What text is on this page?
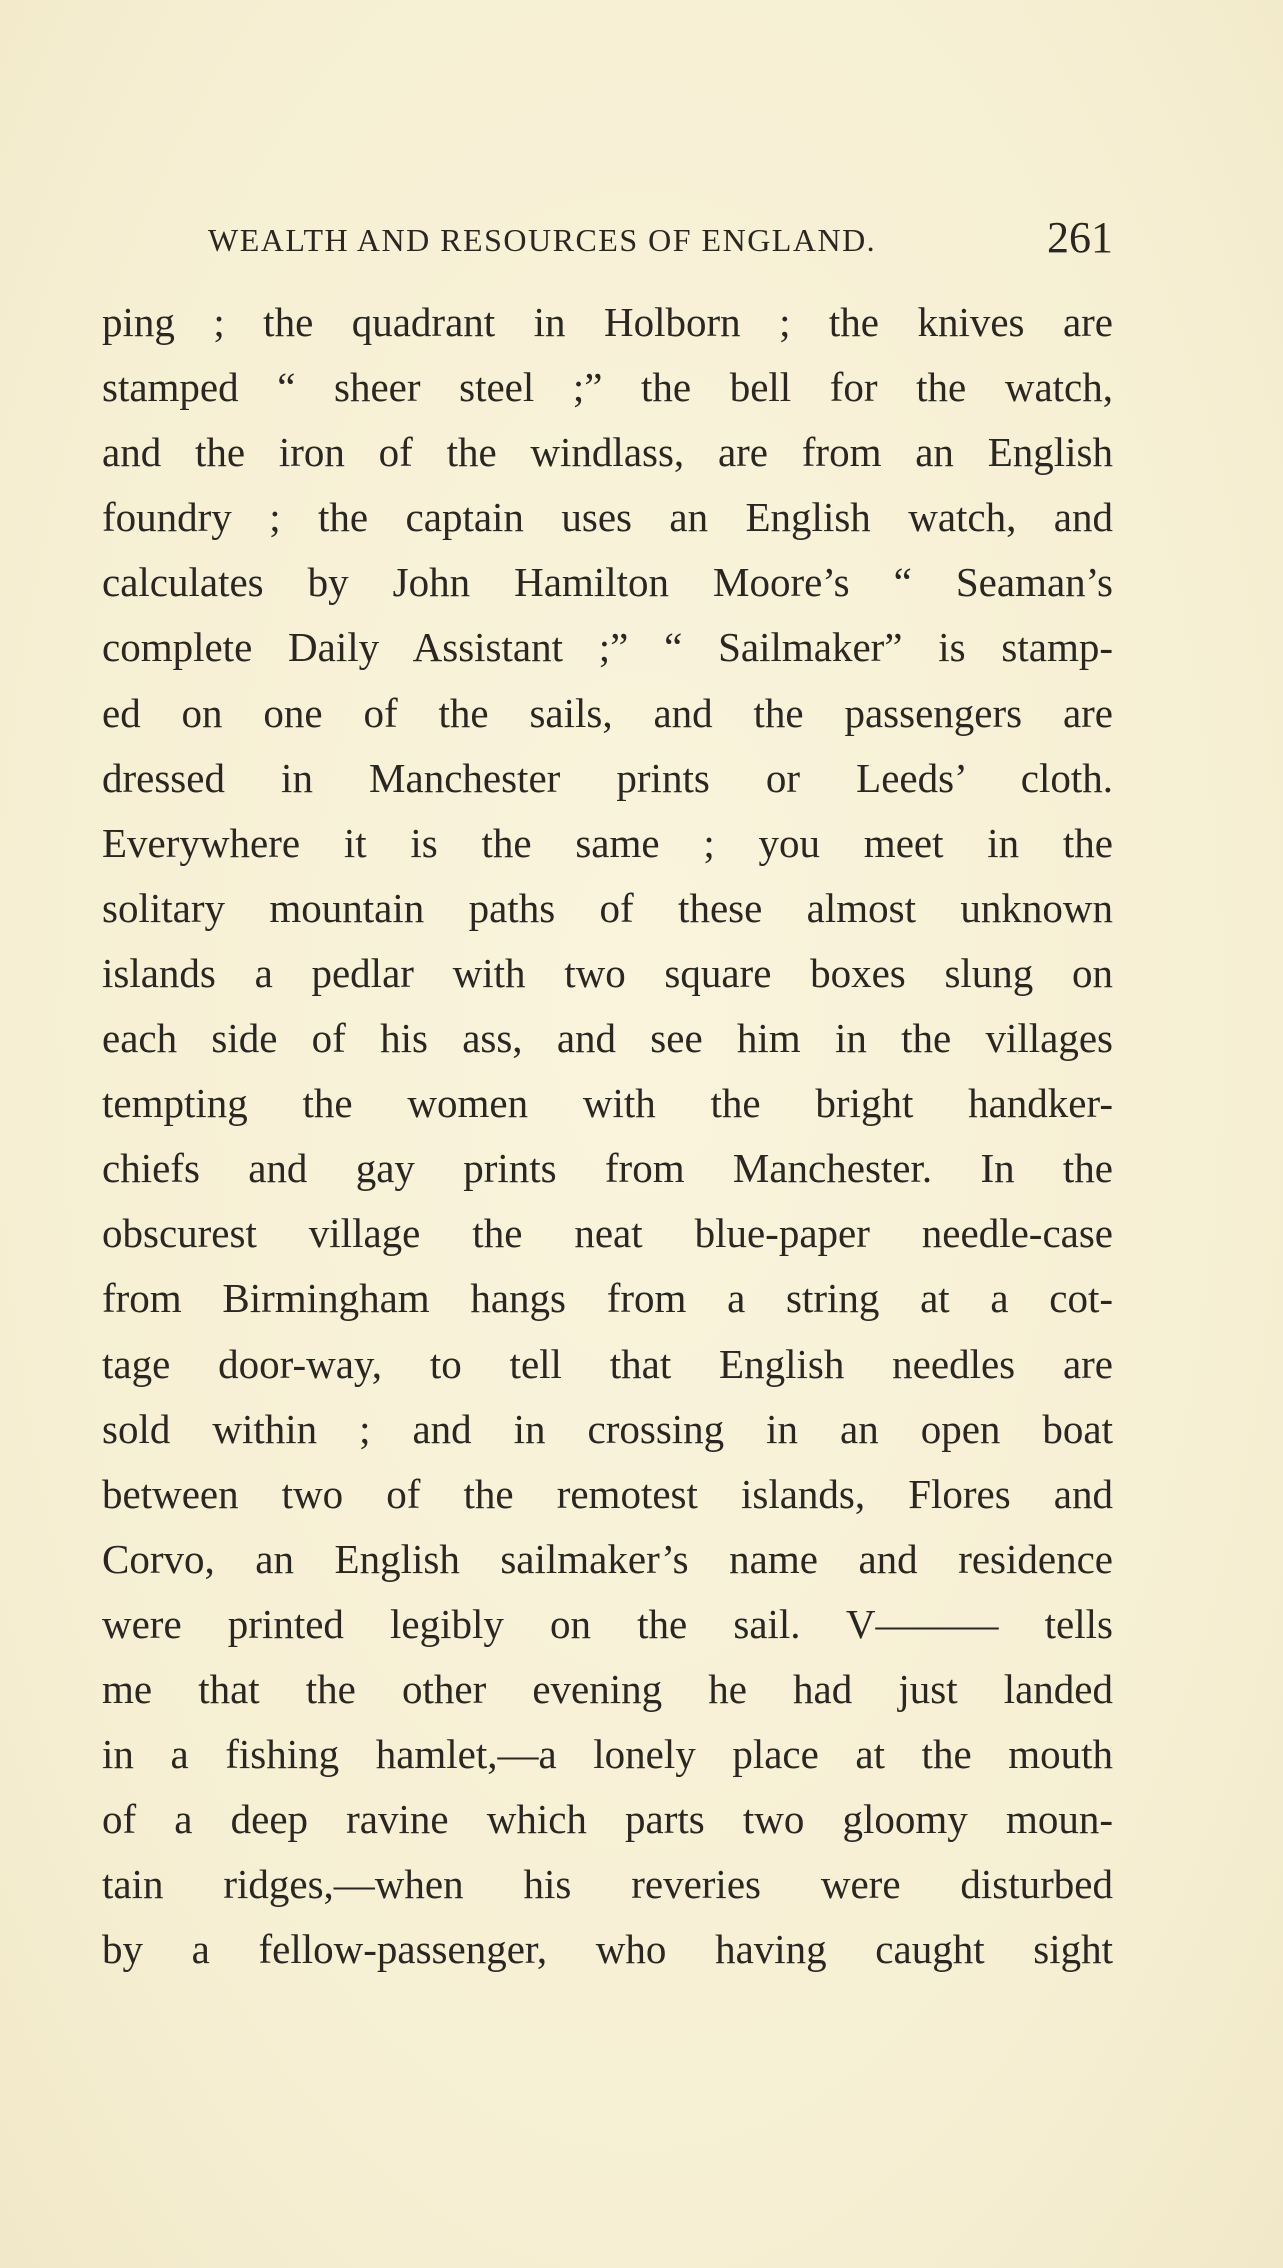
WEALTH AND RESOURCES OF ENGLAND.	261
ping ; the quadrant in Holborn ; the knives are
stamped “ sheer steel ;” the bell for the watch,
and the iron of the windlass, are from an English
foundry ; the captain uses an English watch, and
calculates by John Hamilton Moore’s “ Seaman’s
complete Daily Assistant ;” “ Sailmaker” is stamp-
ed on one of the sails, and the passengers are
dressed in Manchester prints or Leeds’ cloth.
Everywhere it is the same ; you meet in the
solitary mountain paths of these almost unknown
islands a pedlar with two square boxes slung on
each side of his ass, and see him in the villages
tempting the women with the bright handker-
chiefs and gay prints from Manchester. In the
obscurest village the neat blue-paper needle-case
from Birmingham hangs from a string at a cot-
tage door-way, to tell that English needles are
sold within ; and in crossing in an open boat
between two of the remotest islands, Flores and
Corvo, an English sailmaker’s name and residence
were printed legibly on the sail. V——— tells
me that the other evening he had just landed
in a fishing hamlet,—a lonely place at the mouth
of a deep ravine which parts two gloomy moun-
tain ridges,—when his reveries were disturbed
by a fellow-passenger, who having caught sight
